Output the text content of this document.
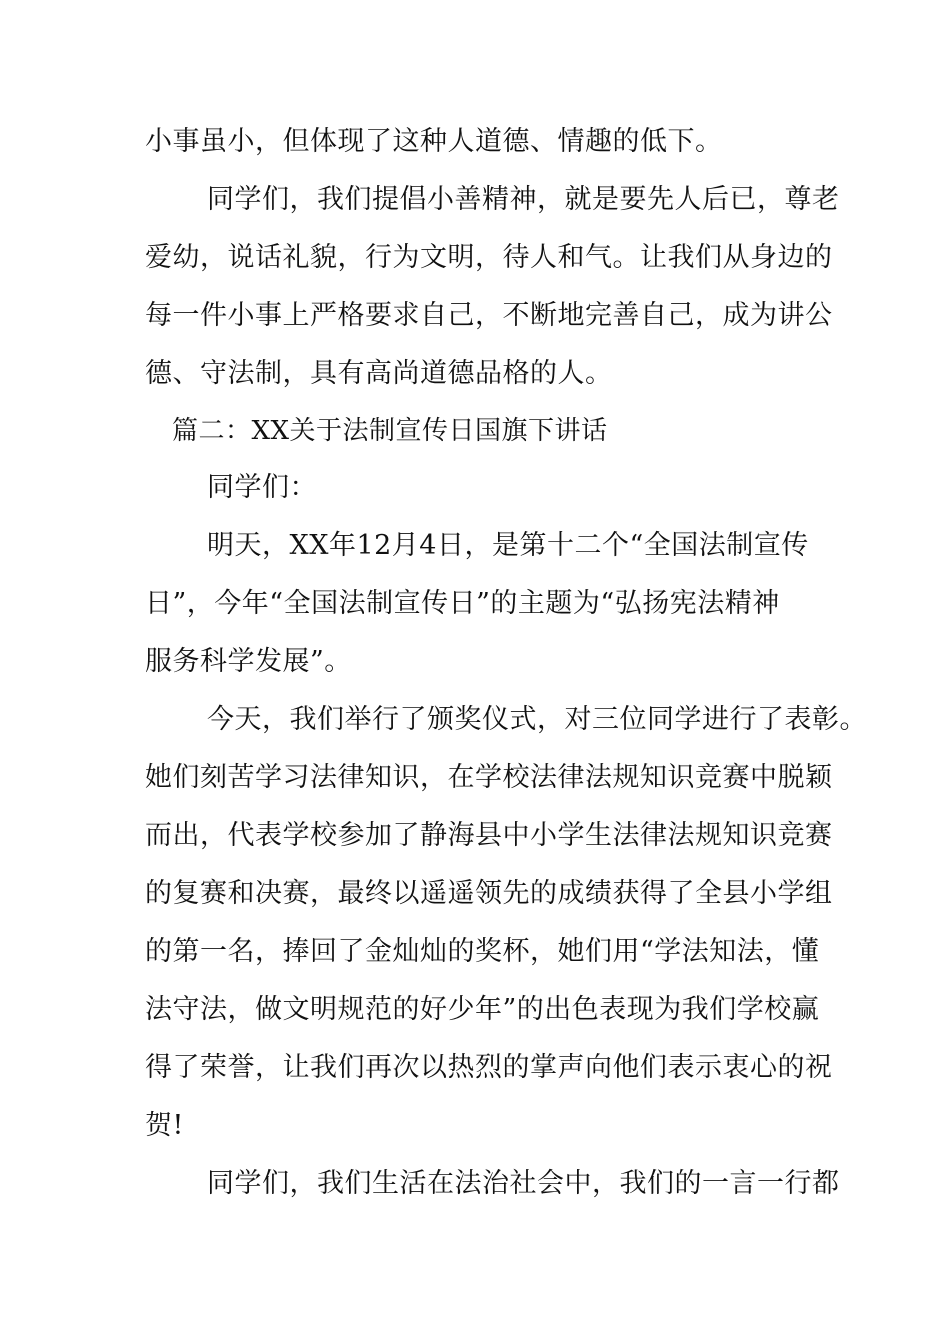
小事虽小，但体现了这种人道德、情趣的低下。
同学们，我们提倡小善精神，就是要先人后已，尊老
爱幼，说话礼貌，行为文明，待人和气。让我们从身边的
每一件小事上严格要求自己，不断地完善自己，成为讲公
德、守法制，具有高尚道德品格的人。
篇二：XX关于法制宣传日国旗下讲话
同学们：
明天，XX年12月4日，是第十二个“全国法制宣传
日”，今年“全国法制宣传日”的主题为“弘扬宪法精神
服务科学发展”。
今天，我们举行了颁奖仪式，对三位同学进行了表彰。
她们刻苦学习法律知识，在学校法律法规知识竞赛中脱颖
而出，代表学校参加了静海县中小学生法律法规知识竞赛
的复赛和决赛，最终以遥遥领先的成绩获得了全县小学组
的第一名，捧回了金灿灿的奖杯，她们用“学法知法，懂
法守法，做文明规范的好少年”的出色表现为我们学校赢
得了荣誉，让我们再次以热烈的掌声向他们表示衷心的祝
贺!
同学们，我们生活在法治社会中，我们的一言一行都
